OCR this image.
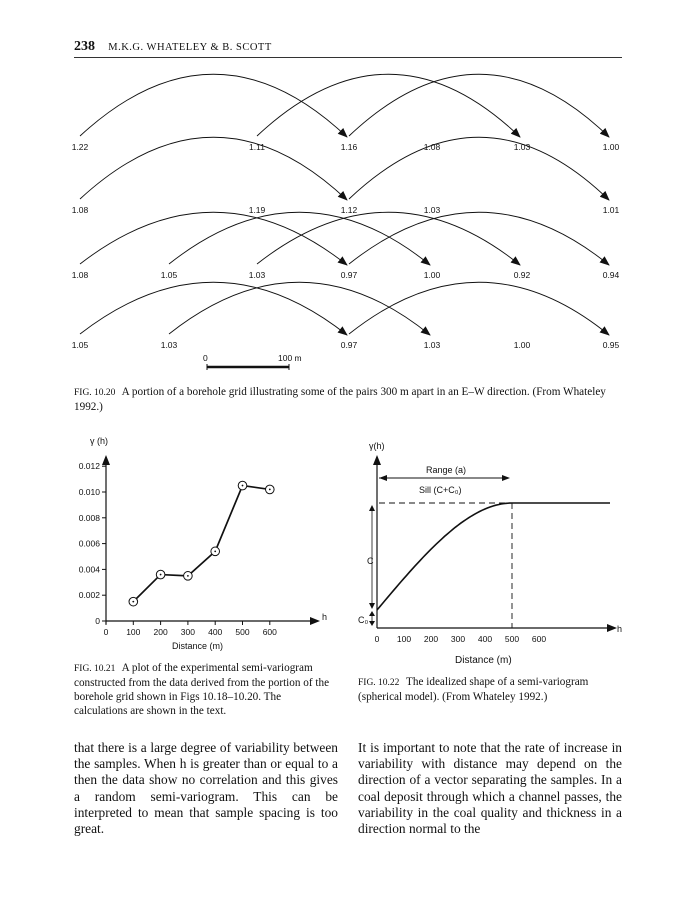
238 M.K.G. WHATELEY & B. SCOTT
1.22	1.11	1.16	1.08	1.03	1.00
1.08	1.19	1.12	1.03	1.01
1.08	1.05	1.03	0.97	1.00	0.92	0.94
1.05	1.03	0.97	1.03	1.00	0.95
0	100 m
FIG. 10.20 A portion of a borehole grid illustrating some of the pairs 300 m apart in an E–W direction. (From Whateley 1992.)
γ (h)
h
Distance (m)
0
0.002
0.004
0.006
0.008
0.010
0.012
0 100 200 300 400 500 600
FIG. 10.21 A plot of the experimental semi-variogram constructed from the data derived from the portion of the borehole grid shown in Figs 10.18–10.20. The calculations are shown in the text.
γ(h)
h
Distance (m)
0 100 200 300 400 500 600
Range (a)
Sill (C+C₀)
C
C₀
FIG. 10.22 The idealized shape of a semi-variogram (spherical model). (From Whateley 1992.)
that there is a large degree of variability between the samples. When h is greater than or equal to a then the data show no correlation and this gives a random semi-variogram. This can be interpreted to mean that sample spacing is too great.
It is important to note that the rate of increase in variability with distance may depend on the direction of a vector separating the samples. In a coal deposit through which a channel passes, the variability in the coal quality and thickness in a direction normal to the
